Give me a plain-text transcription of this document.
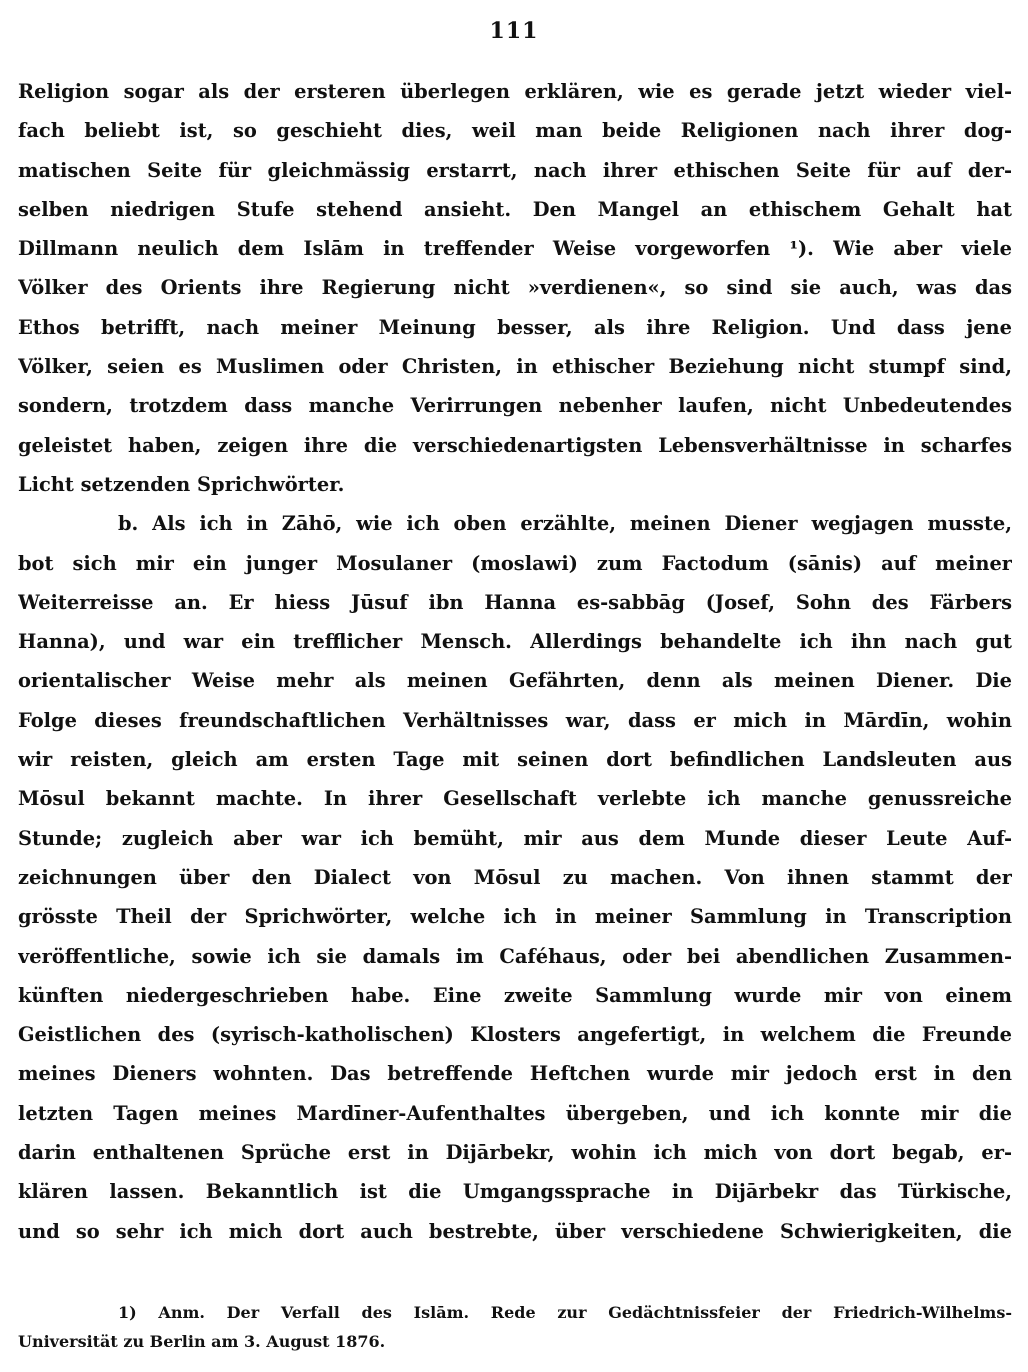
111
Religion sogar als der ersteren überlegen erklären, wie es gerade jetzt wieder viel-
fach beliebt ist, so geschieht dies, weil man beide Religionen nach ihrer dog-
matischen Seite für gleichmässig erstarrt, nach ihrer ethischen Seite für auf der-
selben niedrigen Stufe stehend ansieht. Den Mangel an ethischem Gehalt hat
Dillmann neulich dem Islām in treffender Weise vorgeworfen ¹). Wie aber viele
Völker des Orients ihre Regierung nicht »verdienen«, so sind sie auch, was das
Ethos betrifft, nach meiner Meinung besser, als ihre Religion. Und dass jene
Völker, seien es Muslimen oder Christen, in ethischer Beziehung nicht stumpf sind,
sondern, trotzdem dass manche Verirrungen nebenher laufen, nicht Unbedeutendes
geleistet haben, zeigen ihre die verschiedenartigsten Lebensverhältnisse in scharfes
Licht setzenden Sprichwörter.
b. Als ich in Zāhō, wie ich oben erzählte, meinen Diener wegjagen musste,
bot sich mir ein junger Mosulaner (moslawi) zum Factodum (sānis) auf meiner
Weiterreisse an. Er hiess Jūsuf ibn Hanna es-sabbāg (Josef, Sohn des Färbers
Hanna), und war ein trefflicher Mensch. Allerdings behandelte ich ihn nach gut
orientalischer Weise mehr als meinen Gefährten, denn als meinen Diener. Die
Folge dieses freundschaftlichen Verhältnisses war, dass er mich in Mārdīn, wohin
wir reisten, gleich am ersten Tage mit seinen dort befindlichen Landsleuten aus
Mōsul bekannt machte. In ihrer Gesellschaft verlebte ich manche genussreiche
Stunde; zugleich aber war ich bemüht, mir aus dem Munde dieser Leute Auf-
zeichnungen über den Dialect von Mōsul zu machen. Von ihnen stammt der
grösste Theil der Sprichwörter, welche ich in meiner Sammlung in Transcription
veröffentliche, sowie ich sie damals im Caféhaus, oder bei abendlichen Zusammen-
künften niedergeschrieben habe. Eine zweite Sammlung wurde mir von einem
Geistlichen des (syrisch-katholischen) Klosters angefertigt, in welchem die Freunde
meines Dieners wohnten. Das betreffende Heftchen wurde mir jedoch erst in den
letzten Tagen meines Mardīner-Aufenthaltes übergeben, und ich konnte mir die
darin enthaltenen Sprüche erst in Dijārbekr, wohin ich mich von dort begab, er-
klären lassen. Bekanntlich ist die Umgangssprache in Dijārbekr das Türkische,
und so sehr ich mich dort auch bestrebte, über verschiedene Schwierigkeiten, die
1) Anm. Der Verfall des Islām. Rede zur Gedächtnissfeier der Friedrich-Wilhelms-
Universität zu Berlin am 3. August 1876.
